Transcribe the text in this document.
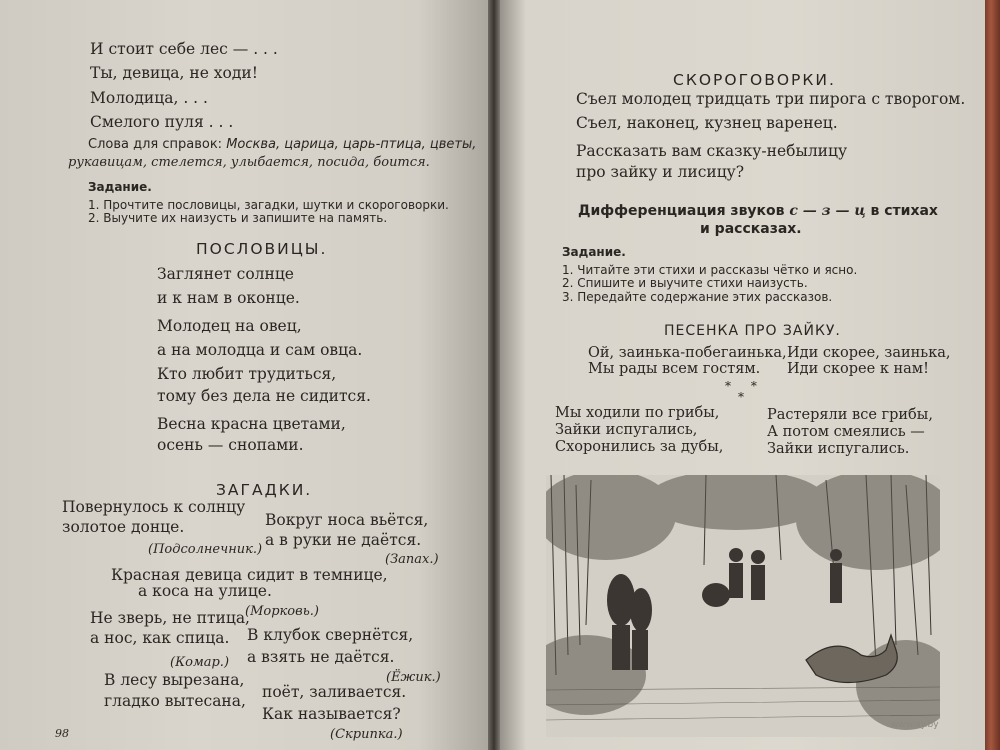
И стоит себе лес — . . .
Ты, девица, не ходи!
Молодица, . . .
Смелого пуля . . .
Слова для справок: Москва, царица, царь-птица, цветы,
рукавицам, стелется, улыбается, посида, боится.
Задание.
1. Прочтите пословицы, загадки, шутки и скороговорки.
2. Выучите их наизусть и запишите на память.
ПОСЛОВИЦЫ.
Заглянет солнце
и к нам в оконце.
Молодец на овец,
а на молодца и сам овца.
Кто любит трудиться,
тому без дела не сидится.
Весна красна цветами,
осень — снопами.
ЗАГАДКИ.
Повернулось к солнцу
золотое донце.
(Подсолнечник.)
Вокруг носа вьётся,
а в руки не даётся.
(Запах.)
Красная девица сидит в темнице,
а коса на улице.
(Морковь.)
Не зверь, не птица,
а нос, как спица.
(Комар.)
В клубок свернётся,
а взять не даётся.
(Ёжик.)
В лесу вырезана,
гладко вытесана, поёт, заливается.
Как называется?
(Скрипка.)
98
СКОРОГОВОРКИ.
Съел молодец тридцать три пирога с творогом.
Съел, наконец, кузнец варенец.
Рассказать вам сказку-небылицу
про зайку и лисицу?
Дифференциация звуков с — з — ц в стихах
и рассказах.
Задание.
1. Читайте эти стихи и рассказы чётко и ясно.
2. Спишите и выучите стихи наизусть.
3. Передайте содержание этих рассказов.
ПЕСЕНКА ПРО ЗАЙКУ.
Ой, заинька-побегаинька,
Мы рады всем гостям.
Иди скорее, заинька,
Иди скорее к нам!
* *
*
Мы ходили по грибы,
Зайки испугались,
Схоронились за дубы,
Растеряли все грибы,
А потом смеялись —
Зайки испугались.
www.ay.by
